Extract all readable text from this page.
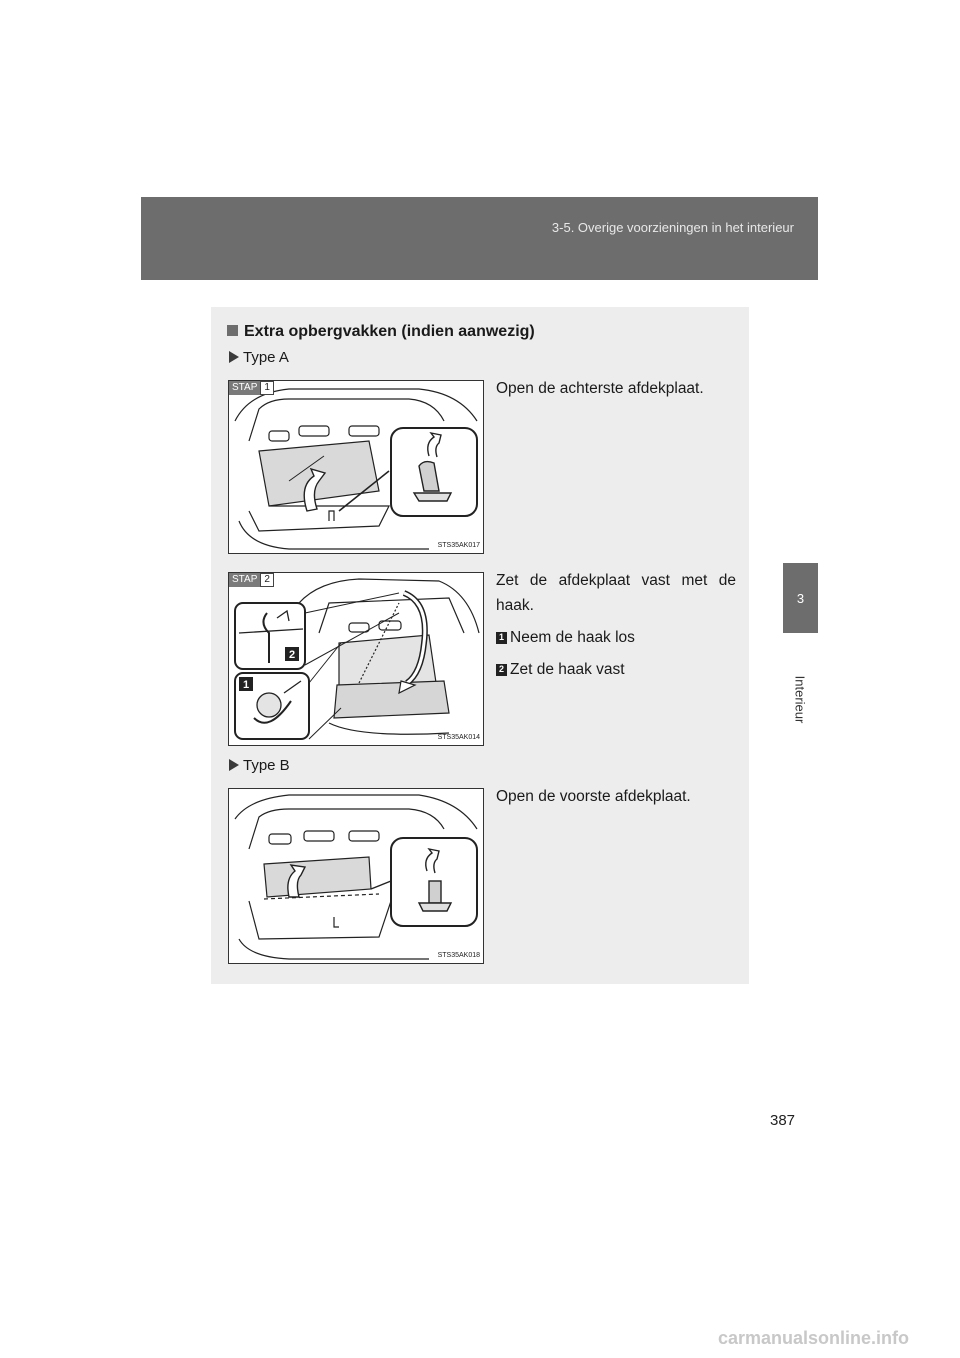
3-5. Overige voorzieningen in het interieur
3
Interieur
Extra opbergvakken (indien aanwezig)
Type A
STAP 1
STS35AK017
Open de achterste afdekplaat.
2
1
STAP 2
STS35AK014
Zet de afdekplaat vast met de haak.
1 Neem de haak los
2 Zet de haak vast
Type B
STS35AK018
Open de voorste afdekplaat.
387
carmanualsonline.info
